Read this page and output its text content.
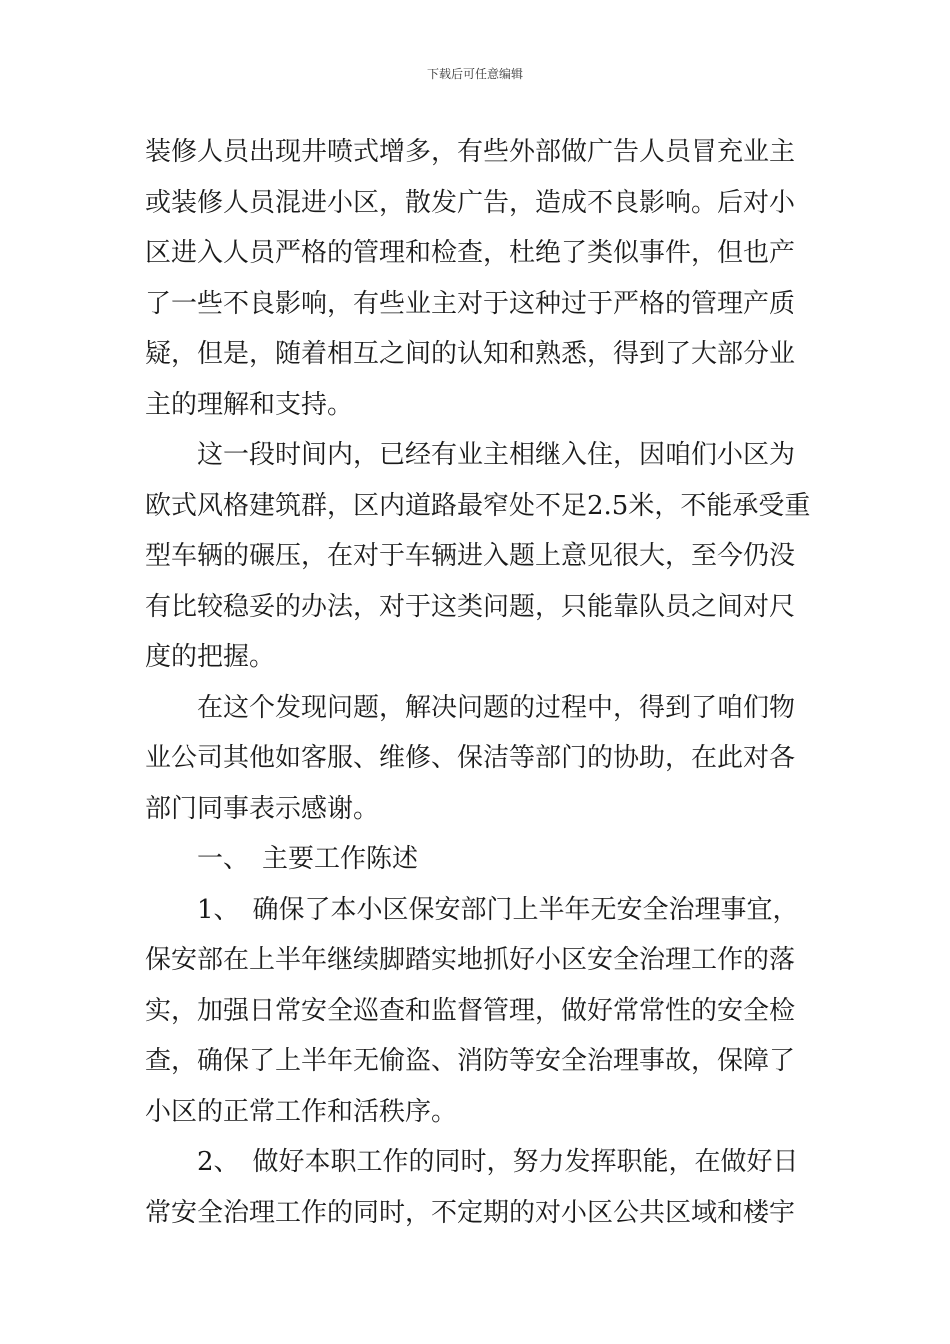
下载后可任意编辑
装修人员出现井喷式增多，有些外部做广告人员冒充业主
或装修人员混进小区，散发广告，造成不良影响。后对小
区进入人员严格的管理和检查，杜绝了类似事件，但也产
了一些不良影响，有些业主对于这种过于严格的管理产质
疑，但是，随着相互之间的认知和熟悉，得到了大部分业
主的理解和支持。
　　这一段时间内，已经有业主相继入住，因咱们小区为
欧式风格建筑群，区内道路最窄处不足2.5米，不能承受重
型车辆的碾压，在对于车辆进入题上意见很大，至今仍没
有比较稳妥的办法，对于这类问题，只能靠队员之间对尺
度的把握。
　　在这个发现问题，解决问题的过程中，得到了咱们物
业公司其他如客服、维修、保洁等部门的协助，在此对各
部门同事表示感谢。
　　一、　主要工作陈述
　　1、　确保了本小区保安部门上半年无安全治理事宜，
保安部在上半年继续脚踏实地抓好小区安全治理工作的落
实，加强日常安全巡查和监督管理，做好常常性的安全检
查，确保了上半年无偷盗、消防等安全治理事故，保障了
小区的正常工作和活秩序。
　　2、　做好本职工作的同时，努力发挥职能，在做好日
常安全治理工作的同时，不定期的对小区公共区域和楼宇
